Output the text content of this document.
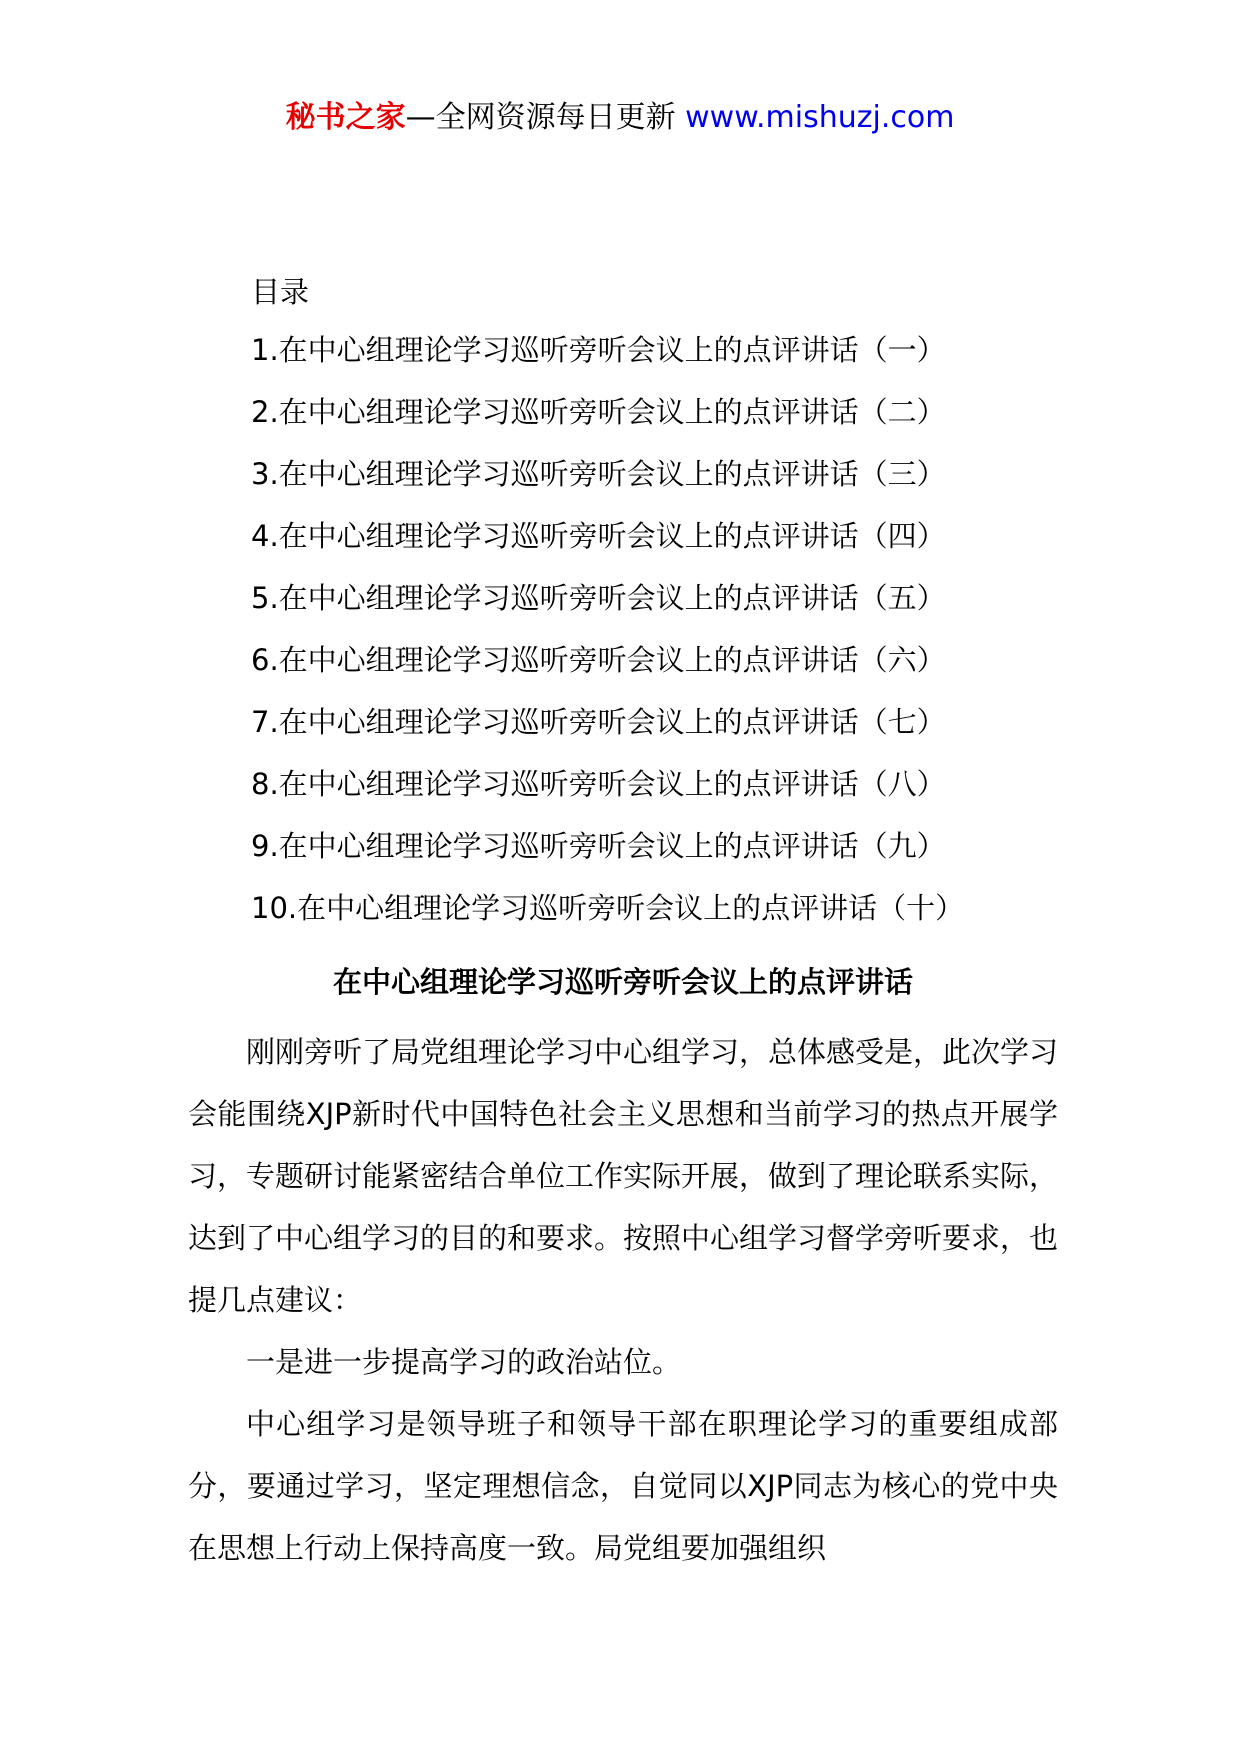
秘书之家—全网资源每日更新 www.mishuzj.com
目录
1.在中心组理论学习巡听旁听会议上的点评讲话（一）
2.在中心组理论学习巡听旁听会议上的点评讲话（二）
3.在中心组理论学习巡听旁听会议上的点评讲话（三）
4.在中心组理论学习巡听旁听会议上的点评讲话（四）
5.在中心组理论学习巡听旁听会议上的点评讲话（五）
6.在中心组理论学习巡听旁听会议上的点评讲话（六）
7.在中心组理论学习巡听旁听会议上的点评讲话（七）
8.在中心组理论学习巡听旁听会议上的点评讲话（八）
9.在中心组理论学习巡听旁听会议上的点评讲话（九）
10.在中心组理论学习巡听旁听会议上的点评讲话（十）
在中心组理论学习巡听旁听会议上的点评讲话

刚刚旁听了局党组理论学习中心组学习，总体感受是，此次学习会能围绕XJP新时代中国特色社会主义思想和当前学习的热点开展学习，专题研讨能紧密结合单位工作实际开展，做到了理论联系实际，达到了中心组学习的目的和要求。按照中心组学习督学旁听要求，也提几点建议：

一是进一步提高学习的政治站位。

中心组学习是领导班子和领导干部在职理论学习的重要组成部分，要通过学习，坚定理想信念，自觉同以XJP同志为核心的党中央在思想上行动上保持高度一致。局党组要加强组织
